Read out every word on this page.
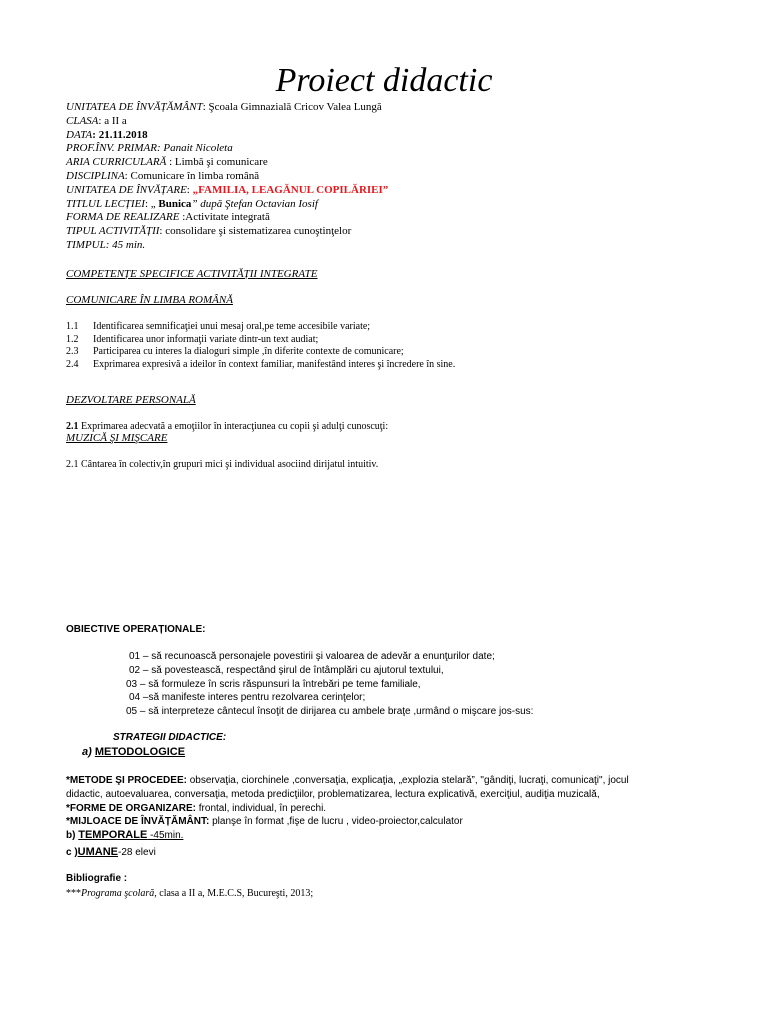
Proiect didactic
UNITATEA DE ÎNVĂȚĂMÂNT: Şcoala Gimnazială Cricov Valea Lungă
CLASA: a II a
DATA: 21.11.2018
PROF.ÎNV. PRIMAR: Panait Nicoleta
ARIA CURRICULARĂ : Limbă şi comunicare
DISCIPLINA: Comunicare în limba română
UNITATEA DE ÎNVĂȚARE: „FAMILIA, LEAGĂNUL COPILĂRIEI”
TITLUL LECȚIEI: „ Bunica” după Ştefan Octavian Iosif
FORMA DE REALIZARE :Activitate integrată
TIPUL ACTIVITĂȚII: consolidare şi sistematizarea cunoştinţelor
TIMPUL: 45 min.
COMPETENȚE SPECIFICE ACTIVITĂȚII INTEGRATE
COMUNICARE ÎN LIMBA ROMÂNĂ
1.1 Identificarea semnificaţiei unui mesaj oral,pe teme accesibile variate;
1.2 Identificarea unor informaţii variate dintr-un text audiat;
2.3 Participarea cu interes la dialoguri simple ,în diferite contexte de comunicare;
2.4 Exprimarea expresivă a ideilor în context familiar, manifestând interes şi încredere în sine.
DEZVOLTARE PERSONALĂ
2.1 Exprimarea adecvată a emoţiilor în interacţiunea cu copii şi adulţi cunoscuţi:
MUZICĂ ŞI MIŞCARE
2.1 Cântarea în colectiv,în grupuri mici şi individual asociind dirijatul intuitiv.
OBIECTIVE OPERAȚIONALE:
01 – să recunoască personajele povestirii şi valoarea de adevăr a enunţurilor date;
02 – să povestească, respectând şirul de întâmplări cu ajutorul textului,
03 – să formuleze în scris răspunsuri la întrebări pe teme familiale,
04 –să manifeste interes pentru rezolvarea cerinţelor;
05 – să interpreteze cântecul însoţit de dirijarea cu ambele braţe ,urmând o mişcare jos-sus:
STRATEGII DIDACTICE:
a) METODOLOGICE
*METODE ŞI PROCEDEE: observaţia, ciorchinele ,conversaţia, explicaţia, „explozia stelară”, "gândiţi, lucraţi, comunicaţi", jocul
didactic, autoevaluarea, conversaţia, metoda predicţiilor, problematizarea, lectura explicativă, exerciţiul, audiţia muzicală,
*FORME DE ORGANIZARE: frontal, individual, în perechi.
*MIJLOACE DE ÎNVĂȚĂMÂNT: planşe în format ,fişe de lucru , video-proiector,calculator
b) TEMPORALE -45min.
c )UMANE-28 elevi
Bibliografie :
***Programa şcolară, clasa a II a, M.E.C.S, Bucureşti, 2013;
